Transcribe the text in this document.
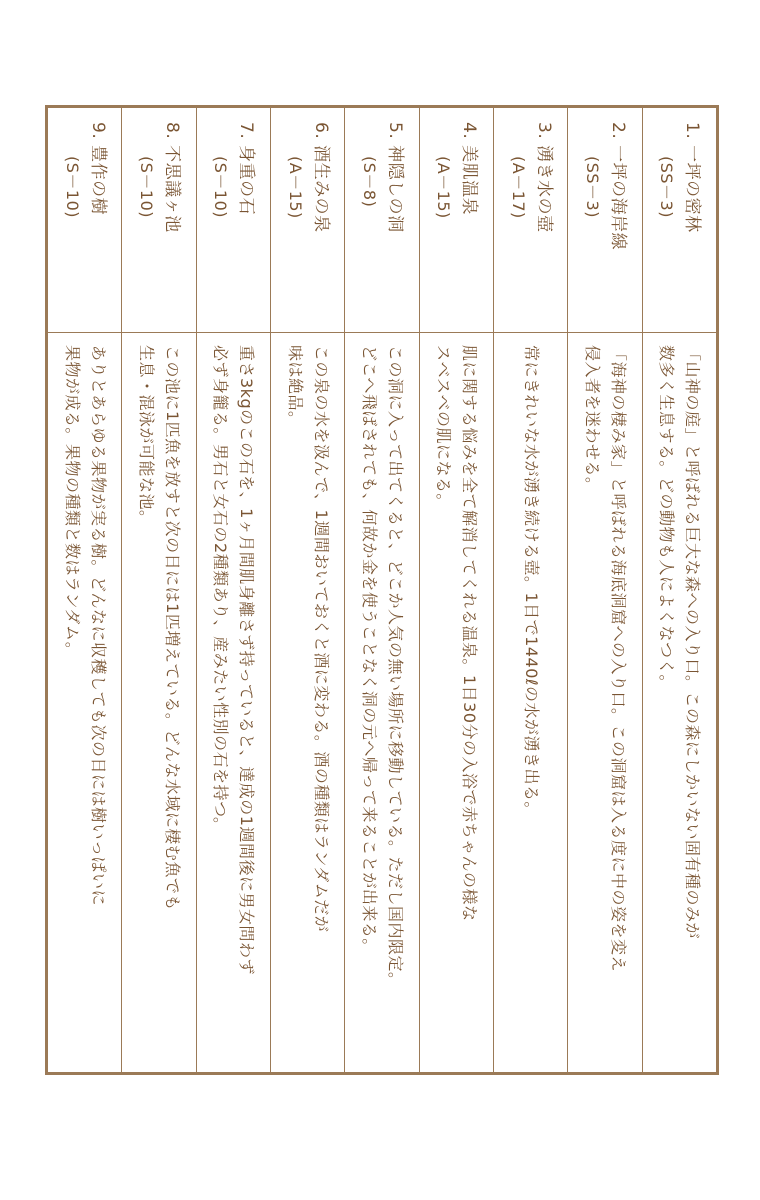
1. 一坪の密林
(SS－3)	「山神の庭」と呼ばれる巨大な森への入り口。この森にしかいない固有種のみが
数多く生息する。どの動物も人によくなつく。

2. 一坪の海岸線
(SS－3)	「海神の棲み家」と呼ばれる海底洞窟への入り口。この洞窟は入る度に中の姿を変え
侵入者を迷わせる。

3. 湧き水の壺
(A－17)	常にきれいな水が湧き続ける壺。1日で1440ℓの水が湧き出る。

4. 美肌温泉
(A－15)	肌に関する悩みを全て解消してくれる温泉。1日30分の入浴で赤ちゃんの様な
スベスベの肌になる。

5. 神隠しの洞
(S－8)	この洞に入って出てくると、どこか人気の無い場所に移動している。ただし国内限定。
どこへ飛ばされても、何故か金を使うことなく洞の元へ帰って来ることが出来る。

6. 酒生みの泉
(A－15)	この泉の水を汲んで、1週間おいておくと酒に変わる。酒の種類はランダムだが
味は絶品。

7. 身重の石
(S－10)	重さ3kgのこの石を、1ヶ月間肌身離さず持っていると、達成の1週間後に男女問わず
必ず身籠る。男石と女石の2種類あり、産みたい性別の石を持つ。

8. 不思議ヶ池
(S－10)	この池に1匹魚を放すと次の日には1匹増えている。どんな水域に棲む魚でも
生息・混泳が可能な池。

9. 豊作の樹
(S－10)	ありとあらゆる果物が実る樹。どんなに収穫しても次の日には樹いっぱいに
果物が成る。果物の種類と数はランダム。
